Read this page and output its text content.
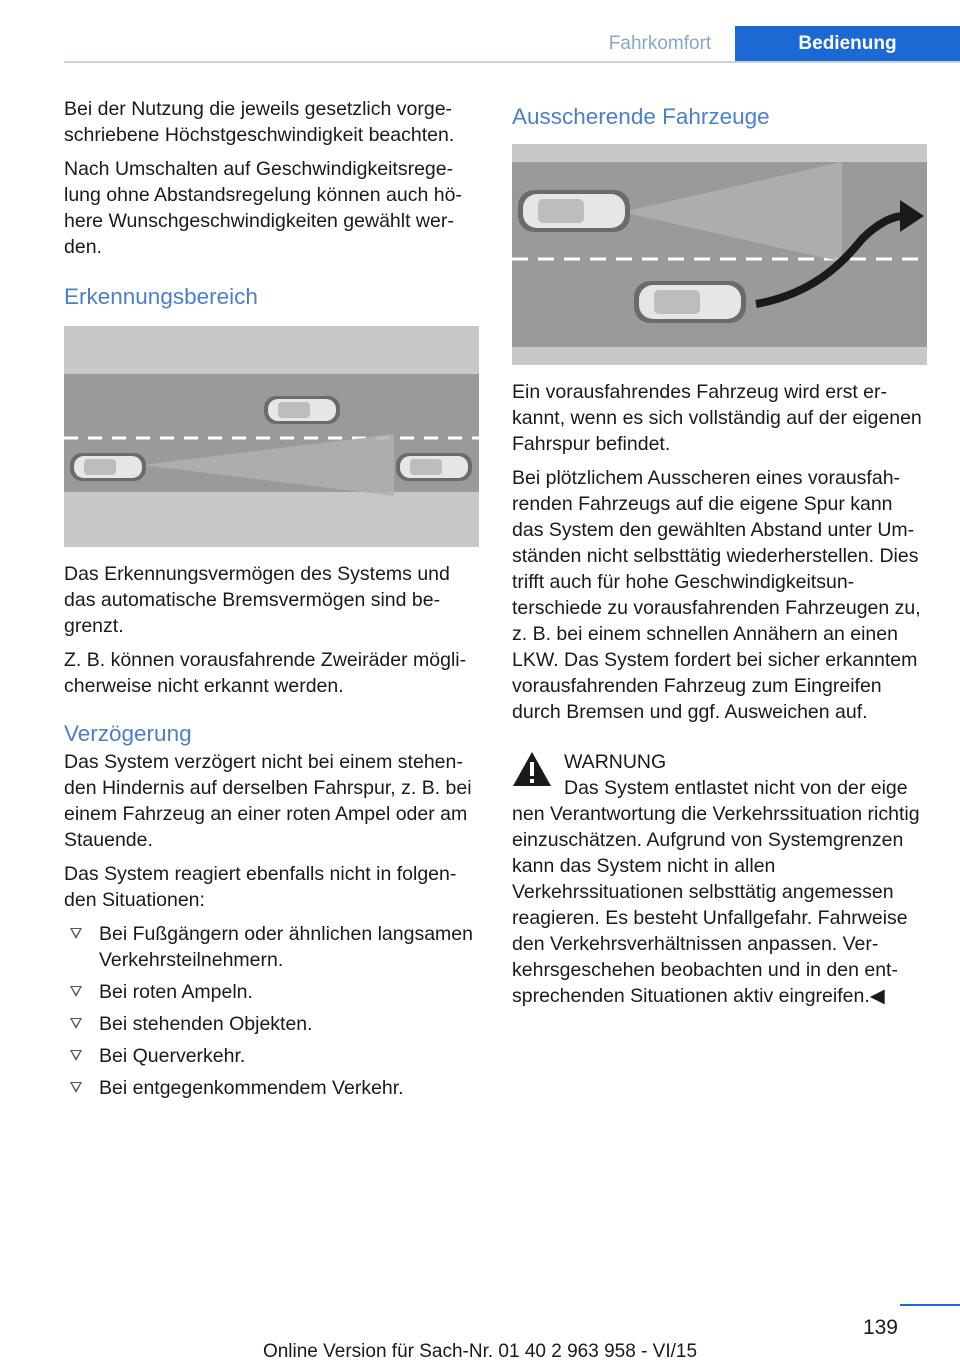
Fahrkomfort	Bedienung

Bei der Nutzung die jeweils gesetzlich vorgeschriebene Höchstgeschwindigkeit beachten.

Nach Umschalten auf Geschwindigkeitsregelung ohne Abstandsregelung können auch höhere Wunschgeschwindigkeiten gewählt werden.

Erkennungsbereich

Das Erkennungsvermögen des Systems und das automatische Bremsvermögen sind begrenzt.

Z. B. können vorausfahrende Zweiräder möglicherweise nicht erkannt werden.

Verzögerung

Das System verzögert nicht bei einem stehenden Hindernis auf derselben Fahrspur, z. B. bei einem Fahrzeug an einer roten Ampel oder am Stauende.

Das System reagiert ebenfalls nicht in folgenden Situationen:

Bei Fußgängern oder ähnlichen langsamen Verkehrsteilnehmern.
Bei roten Ampeln.
Bei stehenden Objekten.
Bei Querverkehr.
Bei entgegenkommendem Verkehr.
Ausscherende Fahrzeuge

Ein vorausfahrendes Fahrzeug wird erst erkannt, wenn es sich vollständig auf der eigenen Fahrspur befindet.

Bei plötzlichem Ausscheren eines vorausfahrenden Fahrzeugs auf die eigene Spur kann das System den gewählten Abstand unter Umständen nicht selbsttätig wiederherstellen. Dies trifft auch für hohe Geschwindigkeitsunterschiede zu vorausfahrenden Fahrzeugen zu, z. B. bei einem schnellen Annähern an einen LKW. Das System fordert bei sicher erkanntem vorausfahrenden Fahrzeug zum Eingreifen durch Bremsen und ggf. Ausweichen auf.

WARNUNG
Das System entlastet nicht von der eige

nen Verantwortung die Verkehrssituation richtig einzuschätzen. Aufgrund von Systemgrenzen kann das System nicht in allen Verkehrssituationen selbsttätig angemessen reagieren. Es besteht Unfallgefahr. Fahrweise den Verkehrsverhältnissen anpassen. Verkehrsgeschehen beobachten und in den entsprechenden Situationen aktiv eingreifen.◀

139
Online Version für Sach-Nr. 01 40 2 963 958 - VI/15
